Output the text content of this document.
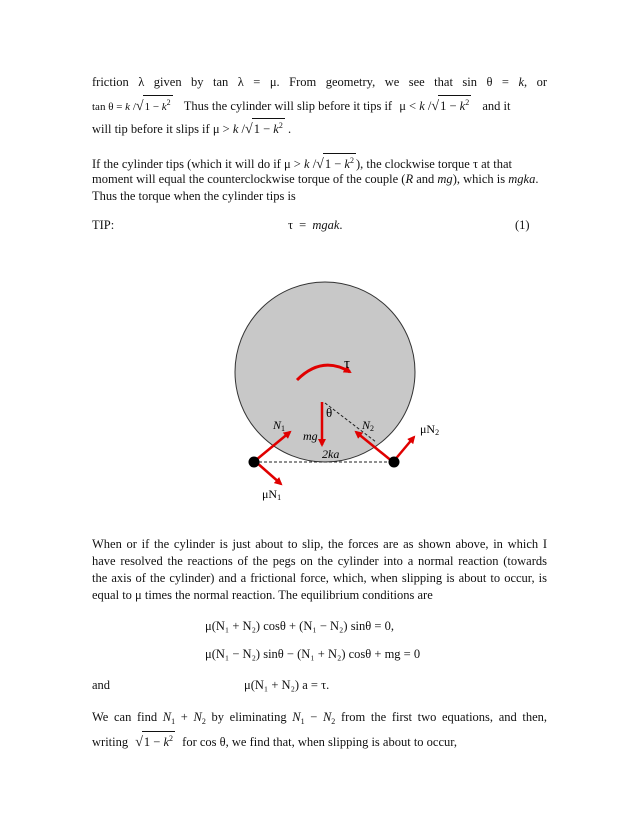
friction λ given by tan λ = μ. From geometry, we see that sin θ = k, or
tan θ = k $/√1 - k^2$ Thus the cylinder will slip before it tips if μ < k $/√1 - k^2$ and it
will tip before it slips if μ > k $/√1 - k^2$ .
If the cylinder tips (which it will do if μ > k $/√1 - k^2$ ), the clockwise torque τ at that
moment will equal the counterclockwise torque of the couple (R and mg), which is mgka.
Thus the torque when the cylinder tips is
TIP:	τ = mgak.	(1)
τ
θ
N1
mg
N2
2ka
μN2
μN1
When or if the cylinder is just about to slip, the forces are as shown above, in which I
have resolved the reactions of the pegs on the cylinder into a normal reaction (towards
the axis of the cylinder) and a frictional force, which, when slipping is about to occur, is
equal to μ times the normal reaction. The equilibrium conditions are
μ(N₁ + N₂) cosθ + (N₁ − N₂) sinθ = 0,
μ(N₁ − N₂) sinθ − (N₁ + N₂) cosθ + mg = 0
and	μ(N₁ + N₂) a = τ.
We can find $N_1 + N_2$ by eliminating $N_1 - N_2$ from the first two equations, and then,
writing $√1 - k^2$ for cos θ, we find that, when slipping is about to occur,
